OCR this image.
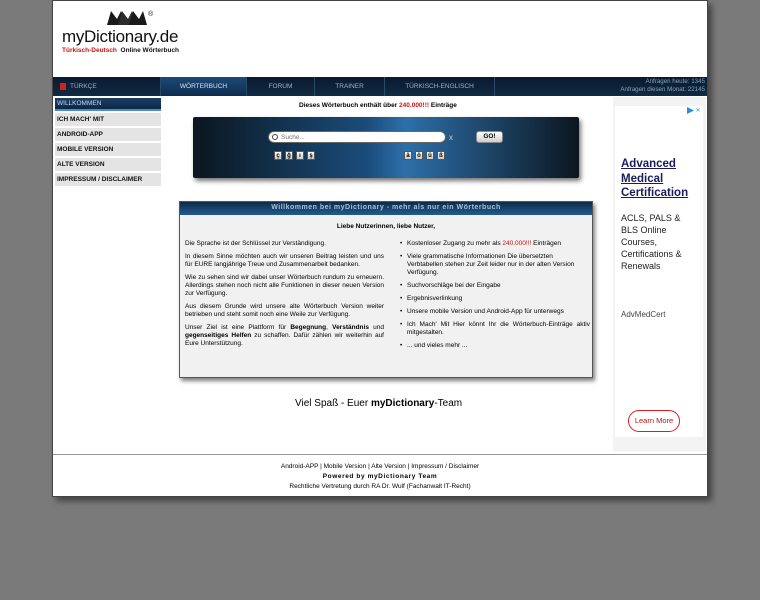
®
myDictionary.de
Türkisch-Deutsch Online Wörterbuch
TÜRKÇE	WÖRTERBUCH	FORUM	TRAINER	TÜRKISCH-ENGLISCH
Anfragen heute: 1345
Anfragen diesen Monat: 22145
WILLKOMMEN
ICH MACH' MIT
ANDROID-APP
MOBILE VERSION
ALTE VERSION
IMPRESSUM / DISCLAIMER
Dieses Wörterbuch enthält über 240.000!!! Einträge
Suche...
x	GO!
ç	ğ	ı	ş	ä	ö	ü	ß
Willkommen bei myDictionary - mehr als nur ein Wörterbuch
Liebe Nutzerinnen, liebe Nutzer,

Die Sprache ist der Schlüssel zur Verständigung.

In diesem Sinne möchten auch wir unseren Beitrag leisten und uns für EURE langjährige Treue und Zusammenarbeit bedanken.

Wie zu sehen sind wir dabei unser Wörterbuch rundum zu erneuern. Allerdings stehen noch nicht alle Funktionen in dieser neuen Version zur Verfügung.

Aus diesem Grunde wird unsere alte Wörterbuch Version weiter betrieben und steht somit noch eine Weile zur Verfügung.

Unser Ziel ist eine Plattform für Begegnung, Verständnis und gegenseitiges Helfen zu schaffen. Dafür zählen wir weiterhin auf Eure Unterstützung.

• Kostenloser Zugang zu mehr als 240.000!!! Einträgen
• Viele grammatische Informationen Die übersetzten Verbtabellen stehen zur Zeit leider nur in der alten Version Verfügung.
• Suchvorschläge bei der Eingabe
• Ergebnisverlinkung
• Unsere mobile Version und Android-App für unterwegs
• Ich Mach' Mit Hier könnt Ihr die Wörterbuch-Einträge aktiv mitgestalten.
• ... und vieles mehr ...
Viel Spaß - Euer myDictionary-Team
✕
Advanced
Medical
Certification
ACLS, PALS &
BLS Online
Courses,
Certifications &
Renewals
AdvMedCert
Learn More
Android-APP | Mobile Version | Alte Version | Impressum / Disclaimer
Powered by myDictionary Team
Rechtliche Vertretung durch RA Dr. Wulf (Fachanwalt IT-Recht)
